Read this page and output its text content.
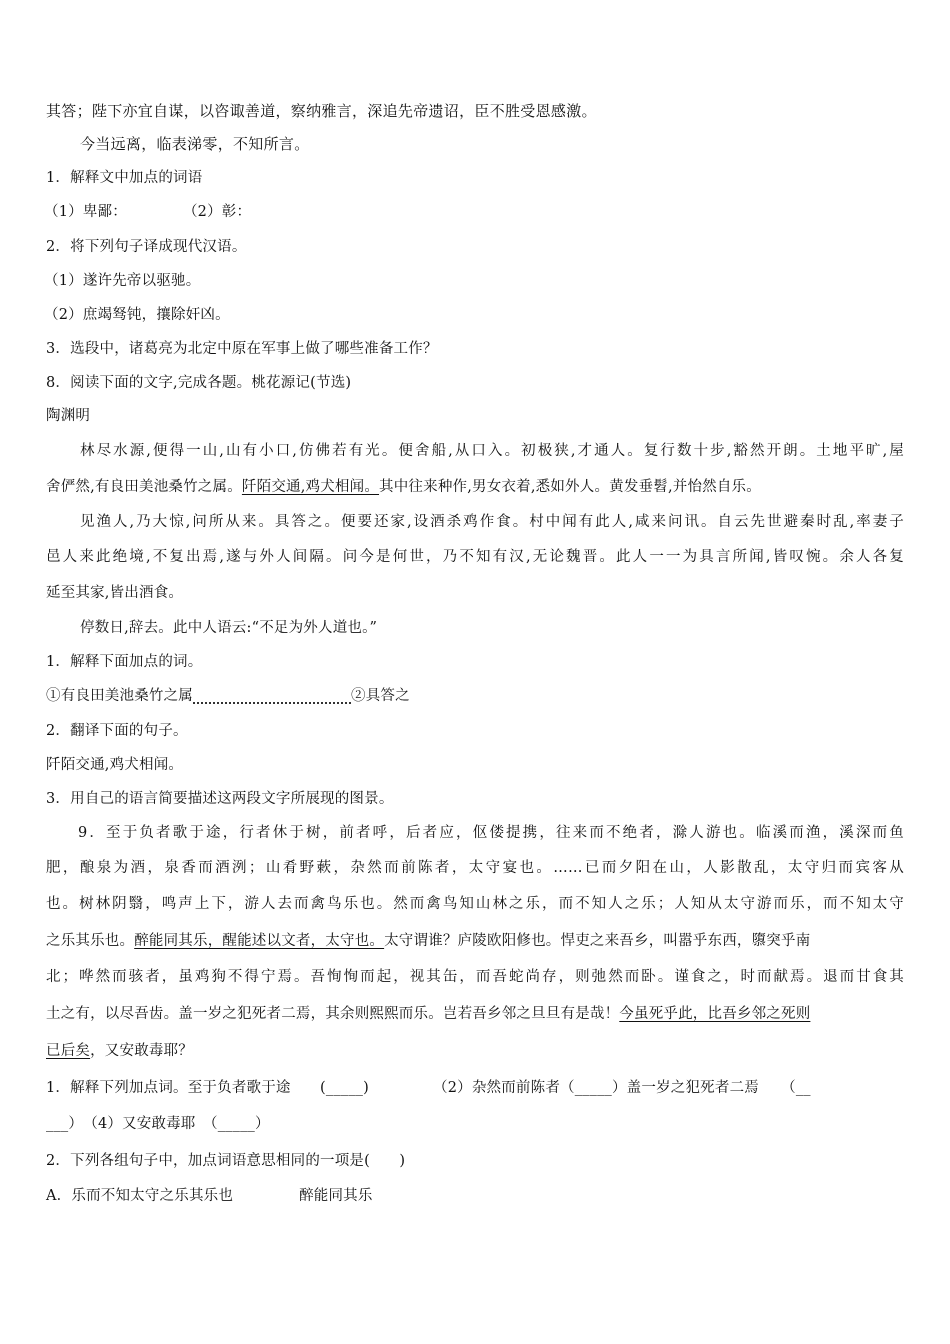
其答；陛下亦宜自谋，以咨诹善道，察纳雅言，深追先帝遗诏，臣不胜受恩感激。
今当远离，临表涕零，不知所言。
1．解释文中加点的词语
（1）卑鄙：	（2）彰：
2．将下列句子译成现代汉语。
（1）遂许先帝以驱驰。
（2）庶竭驽钝，攘除奸凶。
3．选段中，诸葛亮为北定中原在军事上做了哪些准备工作？
8．阅读下面的文字,完成各题。桃花源记(节选)
陶渊明
林尽水源,便得一山,山有小口,仿佛若有光。便舍船,从口入。初极狭,才通人。复行数十步,豁然开朗。土地平旷,屋
舍俨然,有良田美池桑竹之属。阡陌交通,鸡犬相闻。其中往来种作,男女衣着,悉如外人。黄发垂髫,并怡然自乐。
见渔人,乃大惊,问所从来。具答之。便要还家,设酒杀鸡作食。村中闻有此人,咸来问讯。自云先世避秦时乱,率妻子
邑人来此绝境,不复出焉,遂与外人间隔。问今是何世，乃不知有汉,无论魏晋。此人一一为具言所闻,皆叹惋。余人各复
延至其家,皆出酒食。
停数日,辞去。此中人语云:“不足为外人道也。”
1．解释下面加点的词。
①有良田美池桑竹之属	②具答之
2．翻译下面的句子。
阡陌交通,鸡犬相闻。
3．用自己的语言简要描述这两段文字所展现的图景。
9．至于负者歌于途，行者休于树，前者呼，后者应，伛偻提携，往来而不绝者，滁人游也。临溪而渔，溪深而鱼
肥，酿泉为酒，泉香而酒洌；山肴野蔌，杂然而前陈者，太守宴也。……已而夕阳在山，人影散乱，太守归而宾客从
也。树林阴翳，鸣声上下，游人去而禽鸟乐也。然而禽鸟知山林之乐，而不知人之乐；人知从太守游而乐，而不知太守
之乐其乐也。醉能同其乐，醒能述以文者，太守也。太守谓谁？庐陵欧阳修也。悍吏之来吾乡，叫嚣乎东西，隳突乎南
北；哗然而骇者，虽鸡狗不得宁焉。吾恂恂而起，视其缶，而吾蛇尚存，则弛然而卧。谨食之，时而献焉。退而甘食其
土之有，以尽吾齿。盖一岁之犯死者二焉，其余则熙熙而乐。岂若吾乡邻之旦旦有是哉！今虽死乎此，比吾乡邻之死则
已后矣，又安敢毒耶？
1．解释下列加点词。至于负者歌于途　　(_____)	（2）杂然而前陈者（_____）盖一岁之犯死者二焉　　（__
___）　（4）又安敢毒耶　（_____）
2．下列各组句子中，加点词语意思相同的一项是(　　)
A．乐而不知太守之乐其乐也	醉能同其乐
